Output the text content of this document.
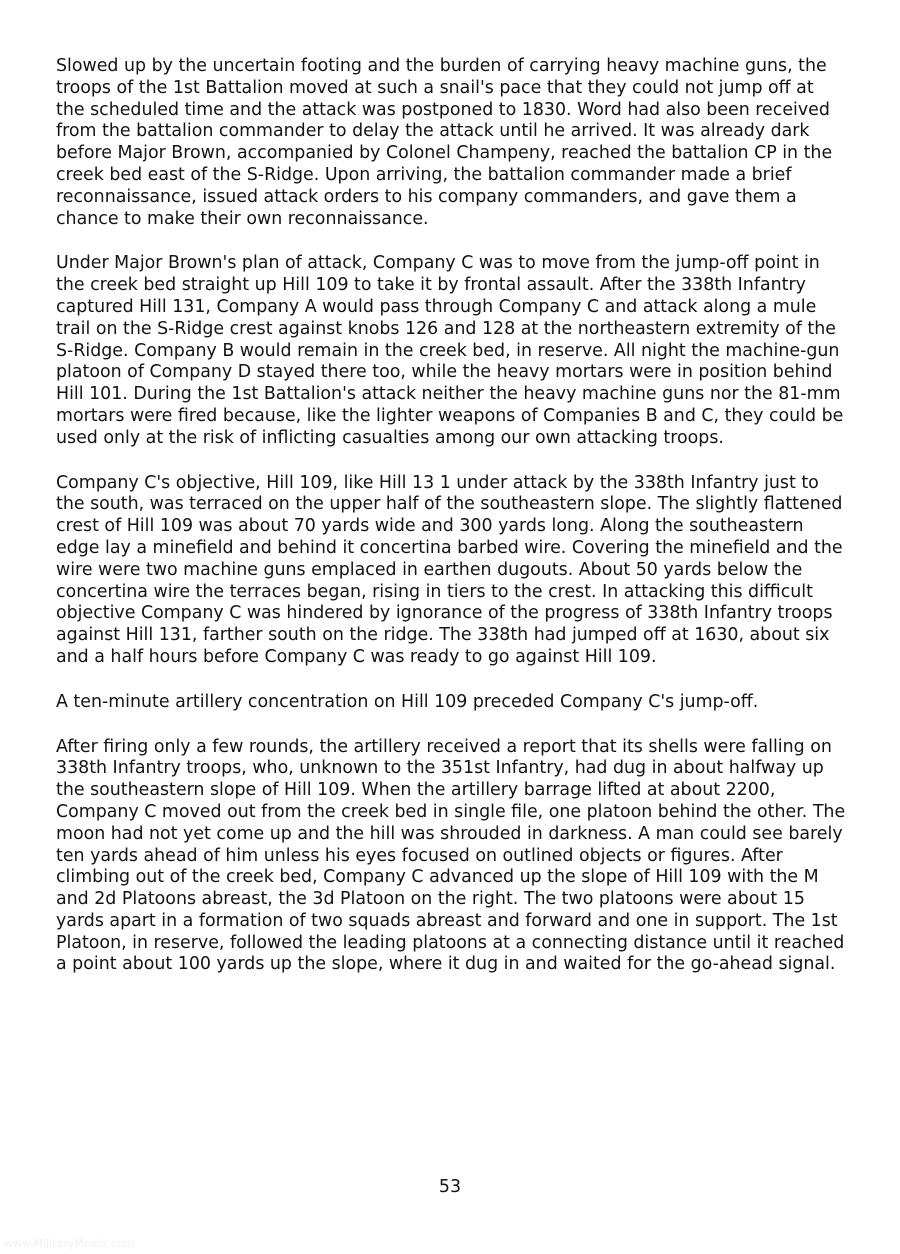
Slowed up by the uncertain footing and the burden of carrying heavy machine guns, the troops of the 1st Battalion moved at such a snail's pace that they could not jump off at the scheduled time and the attack was postponed to 1830. Word had also been received from the battalion commander to delay the attack until he arrived. It was already dark before Major Brown, accompanied by Colonel Champeny, reached the battalion CP in the creek bed east of the S-Ridge. Upon arriving, the battalion commander made a brief reconnaissance, issued attack orders to his company commanders, and gave them a chance to make their own reconnaissance.

Under Major Brown's plan of attack, Company C was to move from the jump-off point in the creek bed straight up Hill 109 to take it by frontal assault. After the 338th Infantry captured Hill 131, Company A would pass through Company C and attack along a mule trail on the S-Ridge crest against knobs 126 and 128 at the northeastern extremity of the S-Ridge. Company B would remain in the creek bed, in reserve. All night the machine-gun platoon of Company D stayed there too, while the heavy mortars were in position behind Hill 101. During the 1st Battalion's attack neither the heavy machine guns nor the 81-mm mortars were fired because, like the lighter weapons of Companies B and C, they could be used only at the risk of inflicting casualties among our own attacking troops.

Company C's objective, Hill 109, like Hill 13 1 under attack by the 338th Infantry just to the south, was terraced on the upper half of the southeastern slope. The slightly flattened crest of Hill 109 was about 70 yards wide and 300 yards long. Along the southeastern edge lay a minefield and behind it concertina barbed wire. Covering the minefield and the wire were two machine guns emplaced in earthen dugouts. About 50 yards below the concertina wire the terraces began, rising in tiers to the crest. In attacking this difficult objective Company C was hindered by ignorance of the progress of 338th Infantry troops against Hill 131, farther south on the ridge. The 338th had jumped off at 1630, about six and a half hours before Company C was ready to go against Hill 109.

A ten-minute artillery concentration on Hill 109 preceded Company C's jump-off.

After firing only a few rounds, the artillery received a report that its shells were falling on 338th Infantry troops, who, unknown to the 351st Infantry, had dug in about halfway up the southeastern slope of Hill 109. When the artillery barrage lifted at about 2200, Company C moved out from the creek bed in single file, one platoon behind the other. The moon had not yet come up and the hill was shrouded in darkness. A man could see barely ten yards ahead of him unless his eyes focused on outlined objects or figures. After climbing out of the creek bed, Company C advanced up the slope of Hill 109 with the M and 2d Platoons abreast, the 3d Platoon on the right. The two platoons were about 15 yards apart in a formation of two squads abreast and forward and one in support. The 1st Platoon, in reserve, followed the leading platoons at a connecting distance until it reached a point about 100 yards up the slope, where it dug in and waited for the go-ahead signal.

53
www.MilitaryMedia.com
